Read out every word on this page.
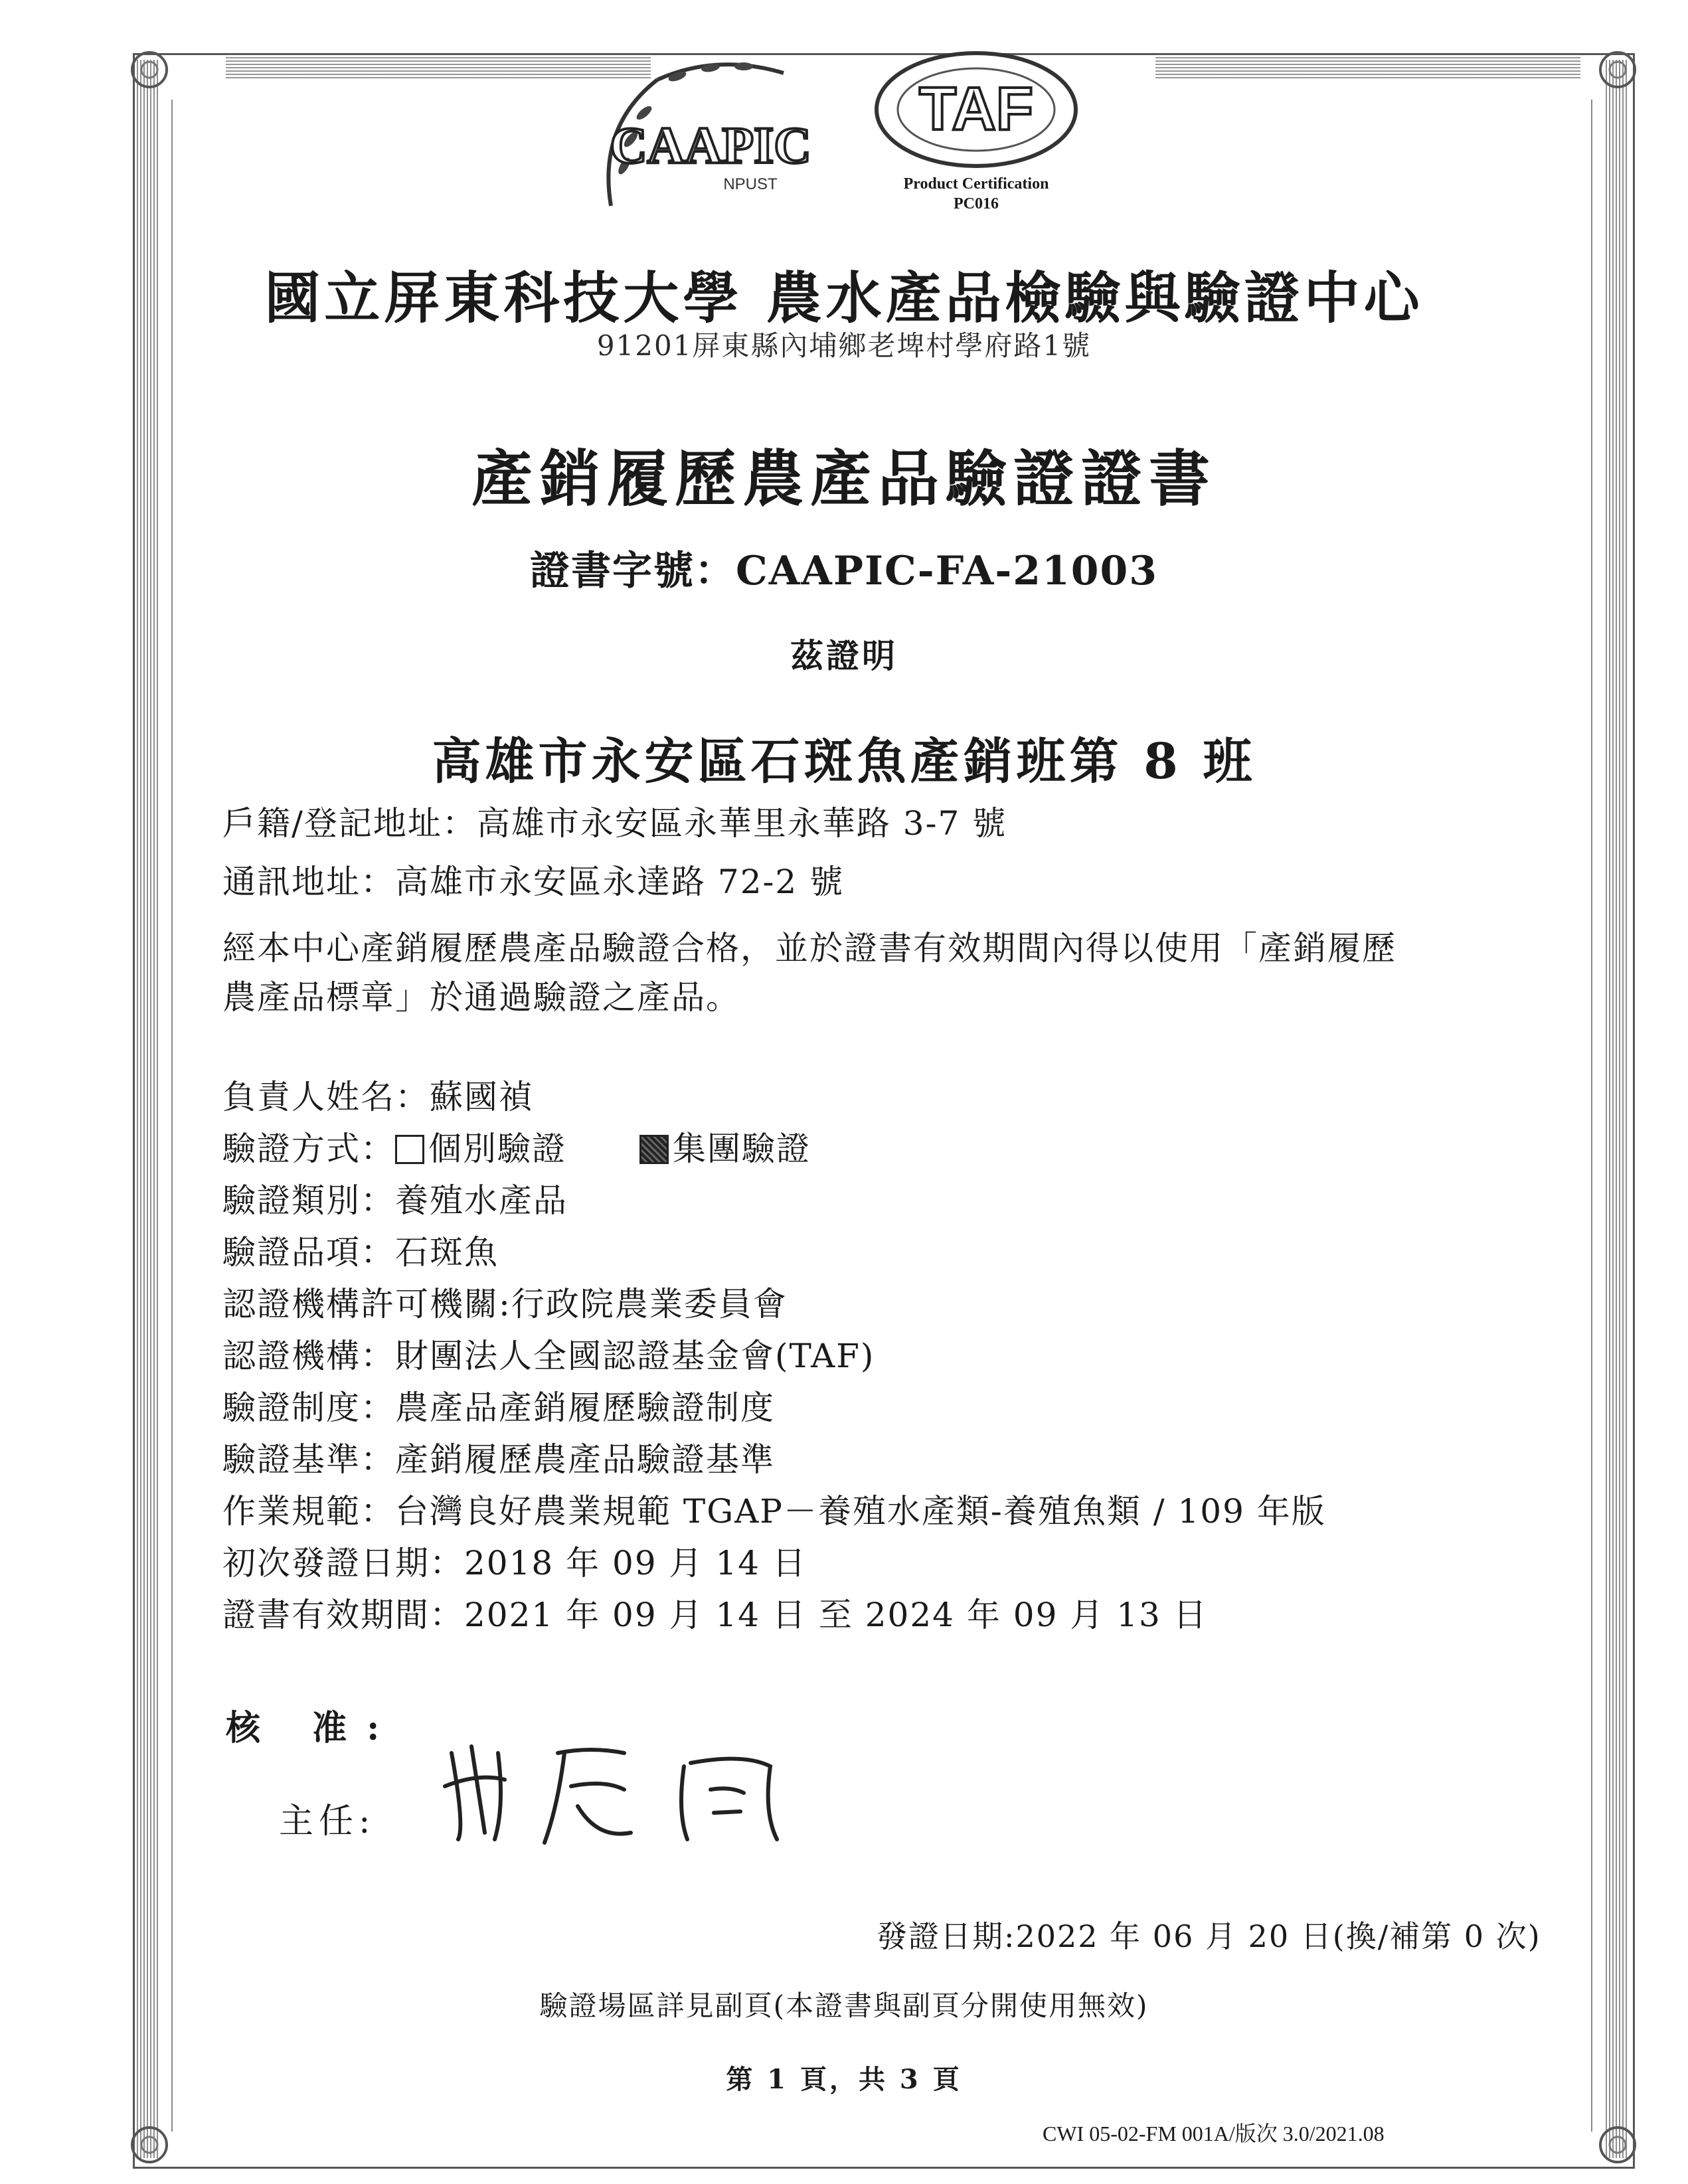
CAAPIC
NPUST
TAF
Product Certification
PC016
國立屏東科技大學 農水產品檢驗與驗證中心
91201屏東縣內埔鄉老埤村學府路1號
產銷履歷農產品驗證證書
證書字號：CAAPIC-FA-21003
茲證明
高雄市永安區石斑魚產銷班第 8 班
戶籍/登記地址：高雄市永安區永華里永華路 3-7 號
通訊地址：高雄市永安區永達路 72-2 號
經本中心產銷履歷農產品驗證合格，並於證書有效期間內得以使用「產銷履歷
農產品標章」於通過驗證之產品。
負責人姓名：蘇國禎
驗證方式： 個別驗證	集團驗證
驗證類別：養殖水產品
驗證品項：石斑魚
認證機構許可機關:行政院農業委員會
認證機構：財團法人全國認證基金會(TAF)
驗證制度：農產品產銷履歷驗證制度
驗證基準：產銷履歷農產品驗證基準
作業規範：台灣良好農業規範 TGAP－養殖水產類-養殖魚類 / 109 年版
初次發證日期：2018 年 09 月 14 日
證書有效期間：2021 年 09 月 14 日 至 2024 年 09 月 13 日
核 准:
主任:
發證日期:2022 年 06 月 20 日(換/補第 0 次)
驗證場區詳見副頁(本證書與副頁分開使用無效)
第 1 頁，共 3 頁
CWI 05-02-FM 001A/版次 3.0/2021.08
